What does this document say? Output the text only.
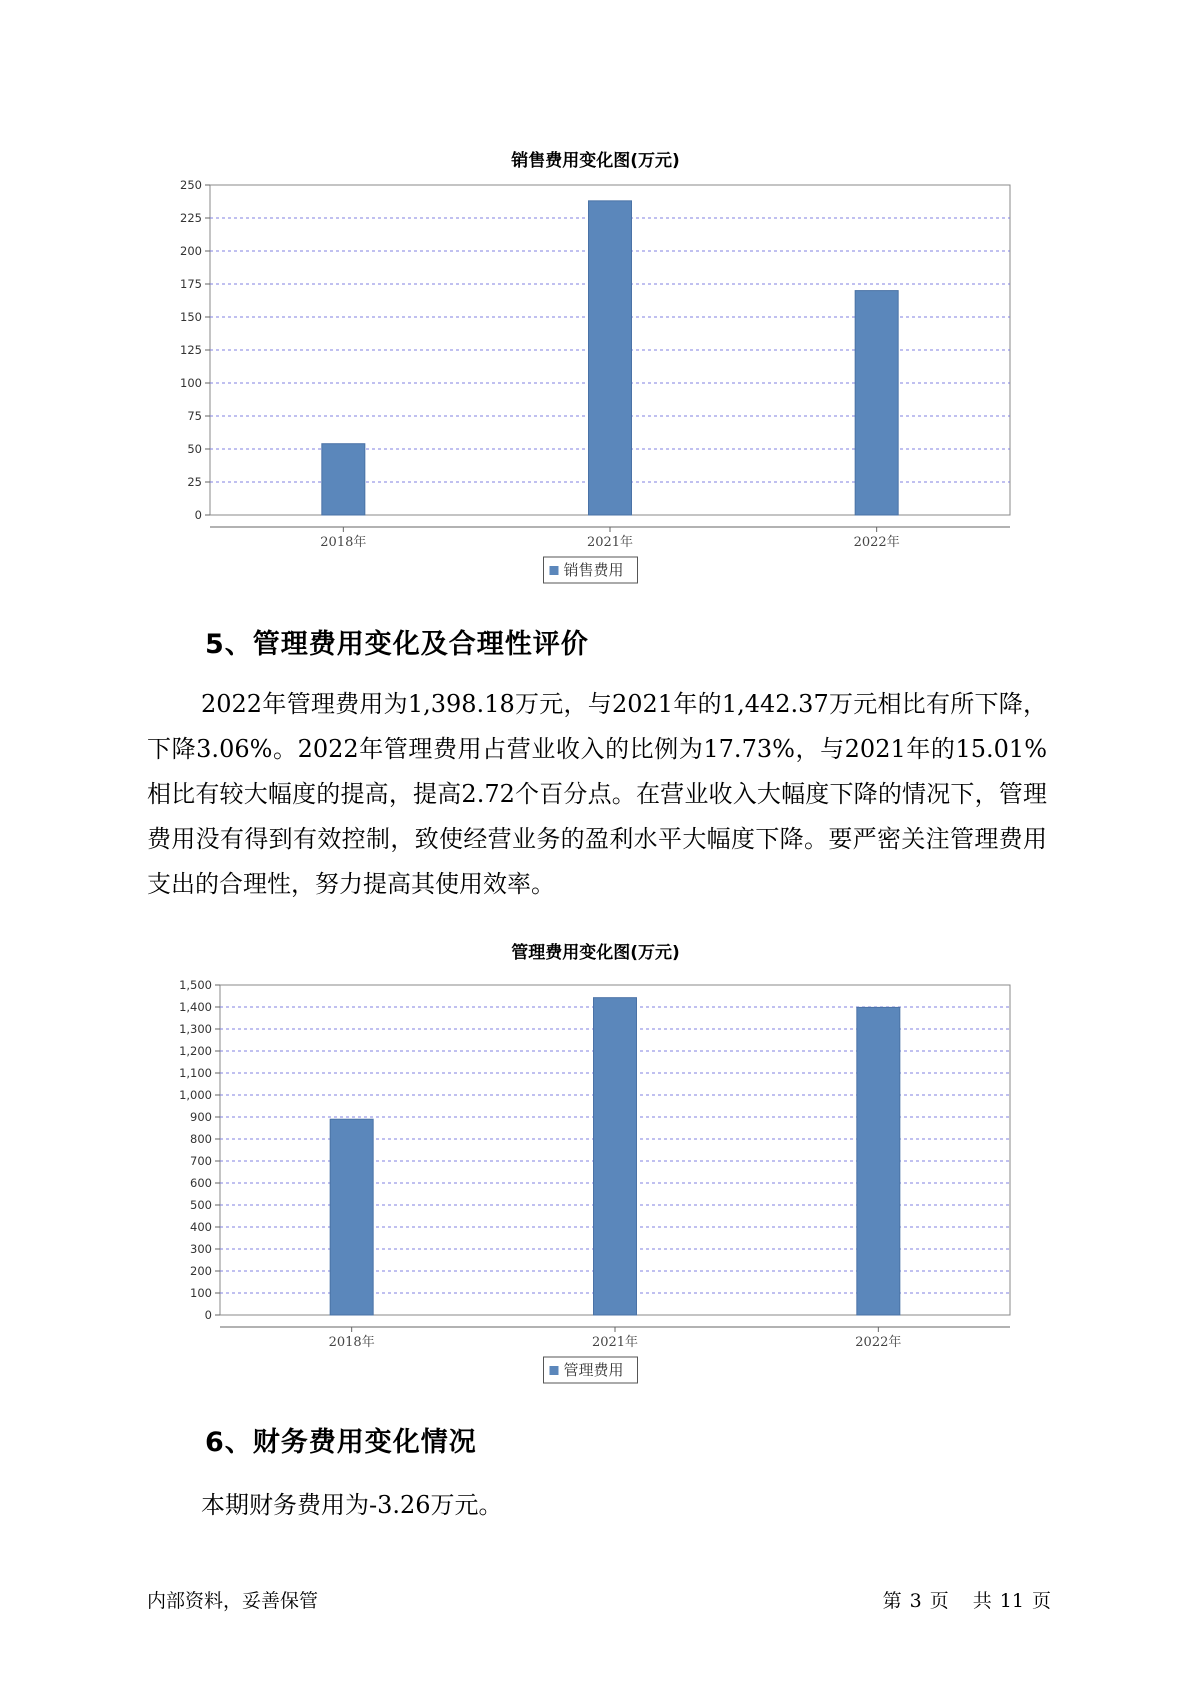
销售费用变化图(万元)
0
25
50
75
100
125
150
175
200
225
250
2018年	2021年	2022年
销售费用
5、管理费用变化及合理性评价

2022年管理费用为1,398.18万元，与2021年的1,442.37万元相比有所下降，下降3.06%。2022年管理费用占营业收入的比例为17.73%，与2021年的15.01%相比有较大幅度的提高，提高2.72个百分点。在营业收入大幅度下降的情况下，管理费用没有得到有效控制，致使经营业务的盈利水平大幅度下降。要严密关注管理费用支出的合理性，努力提高其使用效率。

管理费用变化图(万元)
0
100
200
300
400
500
600
700
800
900
1,000
1,100
1,200
1,300
1,400
1,500
2018年	2021年	2022年
管理费用
6、财务费用变化情况
本期财务费用为-3.26万元。
内部资料，妥善保管	第 3 页 共 11 页
